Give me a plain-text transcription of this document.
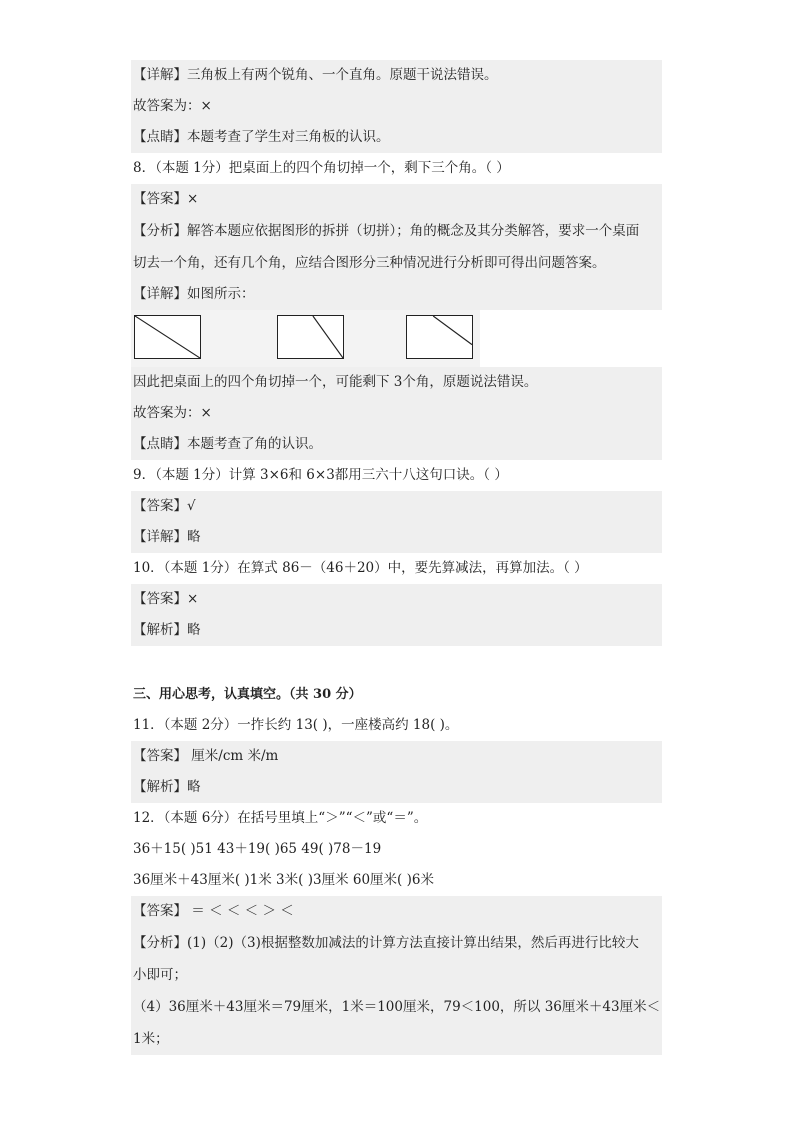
【详解】三角板上有两个锐角、一个直角。原题干说法错误。
故答案为：×
【点睛】本题考查了学生对三角板的认识。
8．（本题 1分）把桌面上的四个角切掉一个，剩下三个角。（ ）
【答案】×
【分析】解答本题应依据图形的拆拼（切拼）；角的概念及其分类解答，要求一个桌面
切去一个角，还有几个角，应结合图形分三种情况进行分析即可得出问题答案。
【详解】如图所示：
因此把桌面上的四个角切掉一个，可能剩下 3个角，原题说法错误。
故答案为：×
【点睛】本题考查了角的认识。
9．（本题 1分）计算 3×6和 6×3都用三六十八这句口诀。（ ）
【答案】√
【详解】略
10．（本题 1分）在算式 86－（46＋20）中，要先算减法，再算加法。（ ）
【答案】×
【解析】略
三、用心思考，认真填空。（共 30 分）
11．（本题 2分）一拃长约 13( )，一座楼高约 18( )。
【答案】 厘米/cm 米/m
【解析】略
12．（本题 6分）在括号里填上“＞”“＜”或“＝”。
36＋15( )51 43＋19( )65 49( )78－19
36厘米＋43厘米( )1米 3米( )3厘米 60厘米( )6米
【答案】 ＝ ＜ ＜ ＜ ＞ ＜
【分析】(1)（2)（3)根据整数加减法的计算方法直接计算出结果，然后再进行比较大
小即可；
（4）36厘米＋43厘米＝79厘米，1米＝100厘米，79＜100，所以 36厘米＋43厘米＜
1米；
